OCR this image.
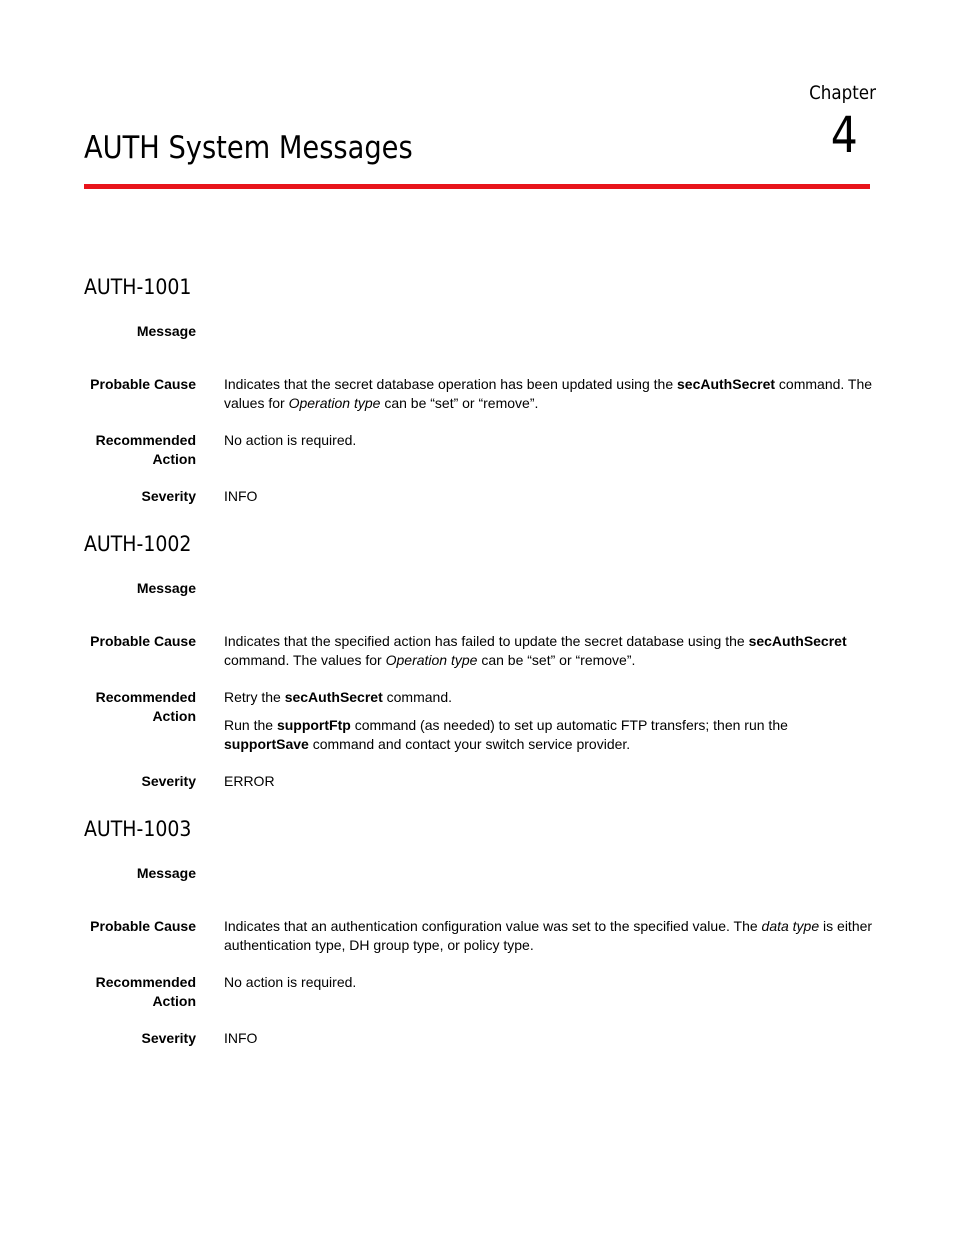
Chapter
4
AUTH System Messages
AUTH-1001
Message
Probable Cause Indicates that the secret database operation has been updated using the secAuthSecret command. The values for Operation type can be “set” or “remove”.

Recommended
Action

No action is required.

Severity INFO
AUTH-1002
Message
Probable Cause Indicates that the specified action has failed to update the secret database using the secAuthSecret command. The values for Operation type can be “set” or “remove”.

Recommended
Action

Retry the secAuthSecret command.

Run the supportFtp command (as needed) to set up automatic FTP transfers; then run the supportSave command and contact your switch service provider.

Severity ERROR
AUTH-1003
Message
Probable Cause Indicates that an authentication configuration value was set to the specified value. The data type is either authentication type, DH group type, or policy type.

Recommended
Action

No action is required.

Severity INFO
